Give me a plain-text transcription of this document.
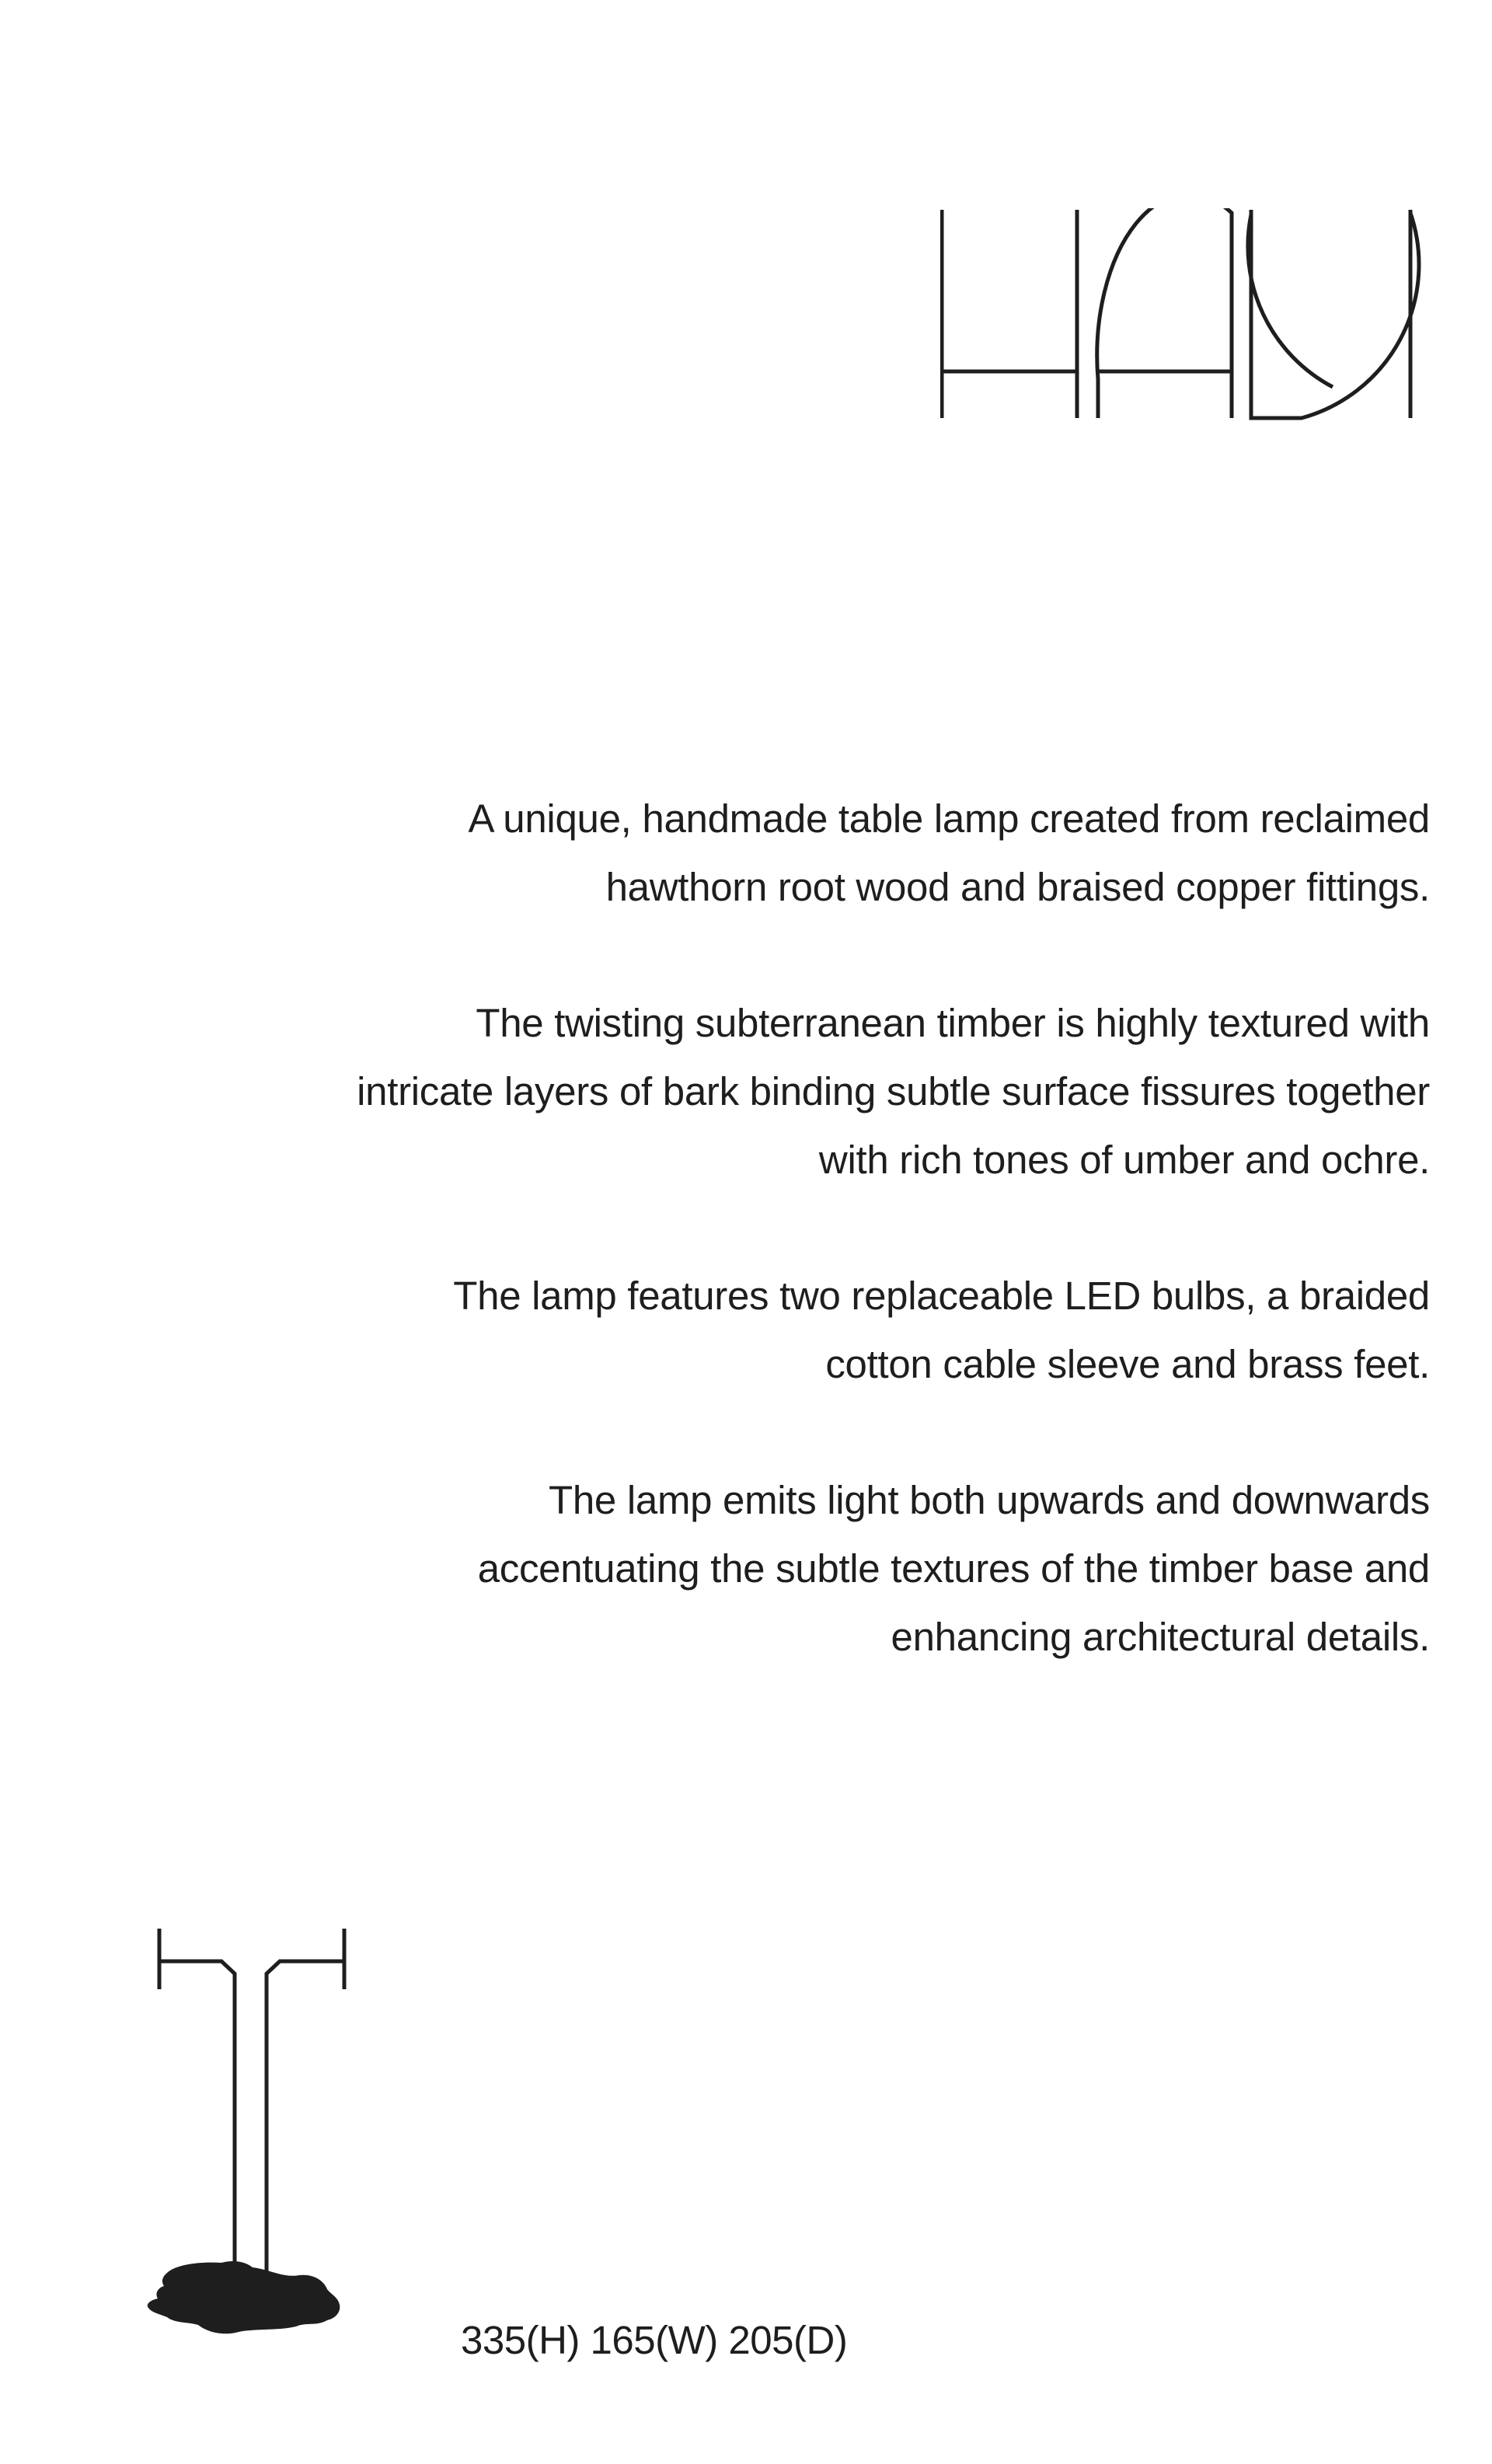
A unique, handmade table lamp created from reclaimed
hawthorn root wood and braised copper fittings.

The twisting subterranean timber is highly textured with
intricate layers of bark binding subtle surface fissures together
with rich tones of umber and ochre.

The lamp features two replaceable LED bulbs, a braided
cotton cable sleeve and brass feet.

The lamp emits light both upwards and downwards
accentuating the subtle textures of the timber base and
enhancing architectural details.

335(H) 165(W) 205(D)
